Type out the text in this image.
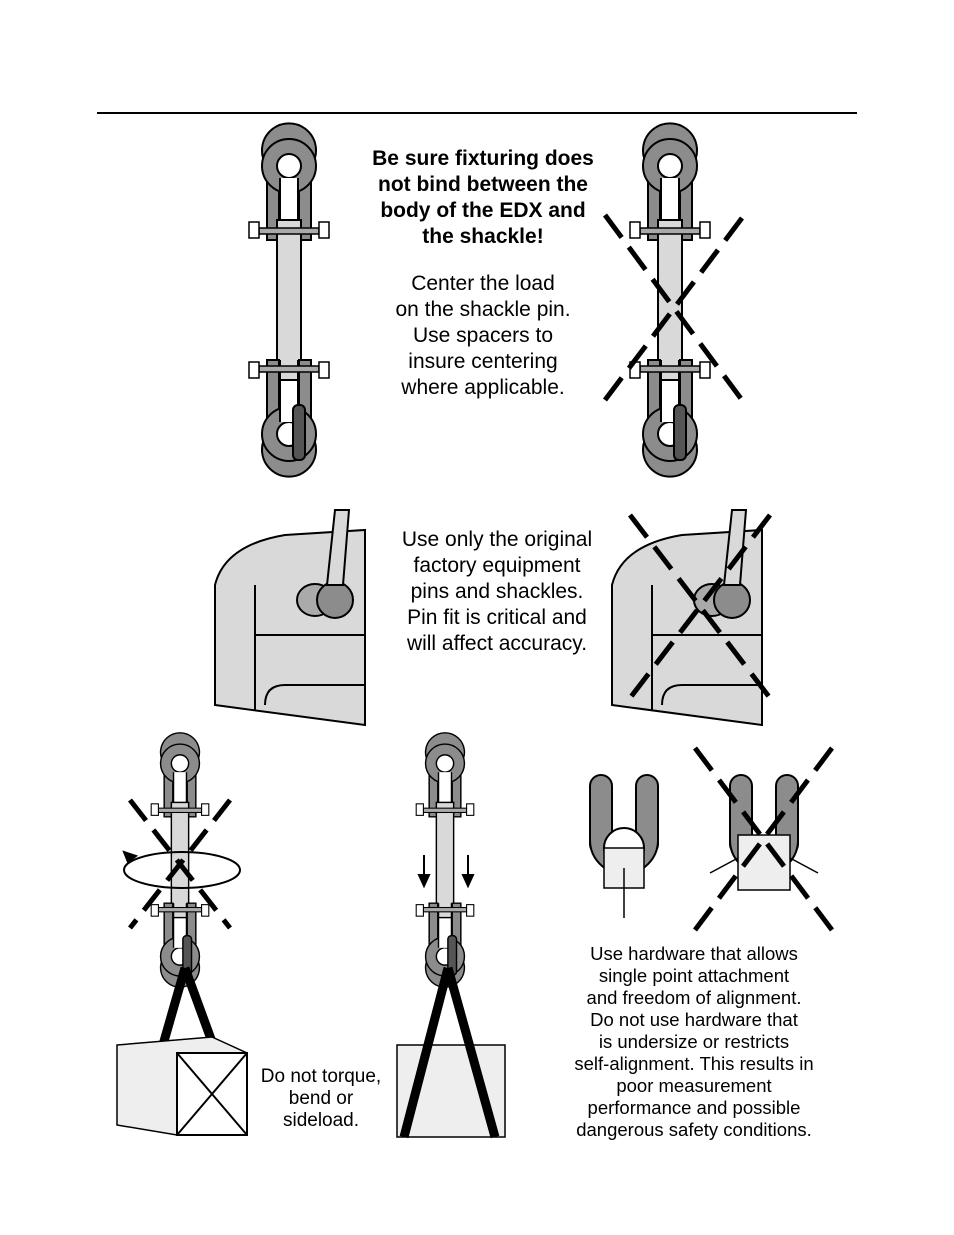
Be sure fixturing does
not bind between the
body of the EDX and
the shackle!
Center the load
on the shackle pin.
Use spacers to
insure centering
where applicable.
Use only the original
factory equipment
pins and shackles.
Pin fit is critical and
will affect accuracy.
Do not torque,
bend or
sideload.
Use hardware that allows
single point attachment
and freedom of alignment.
Do not use hardware that
is undersize or restricts
self-alignment. This results in
poor measurement
performance and possible
dangerous safety conditions.
